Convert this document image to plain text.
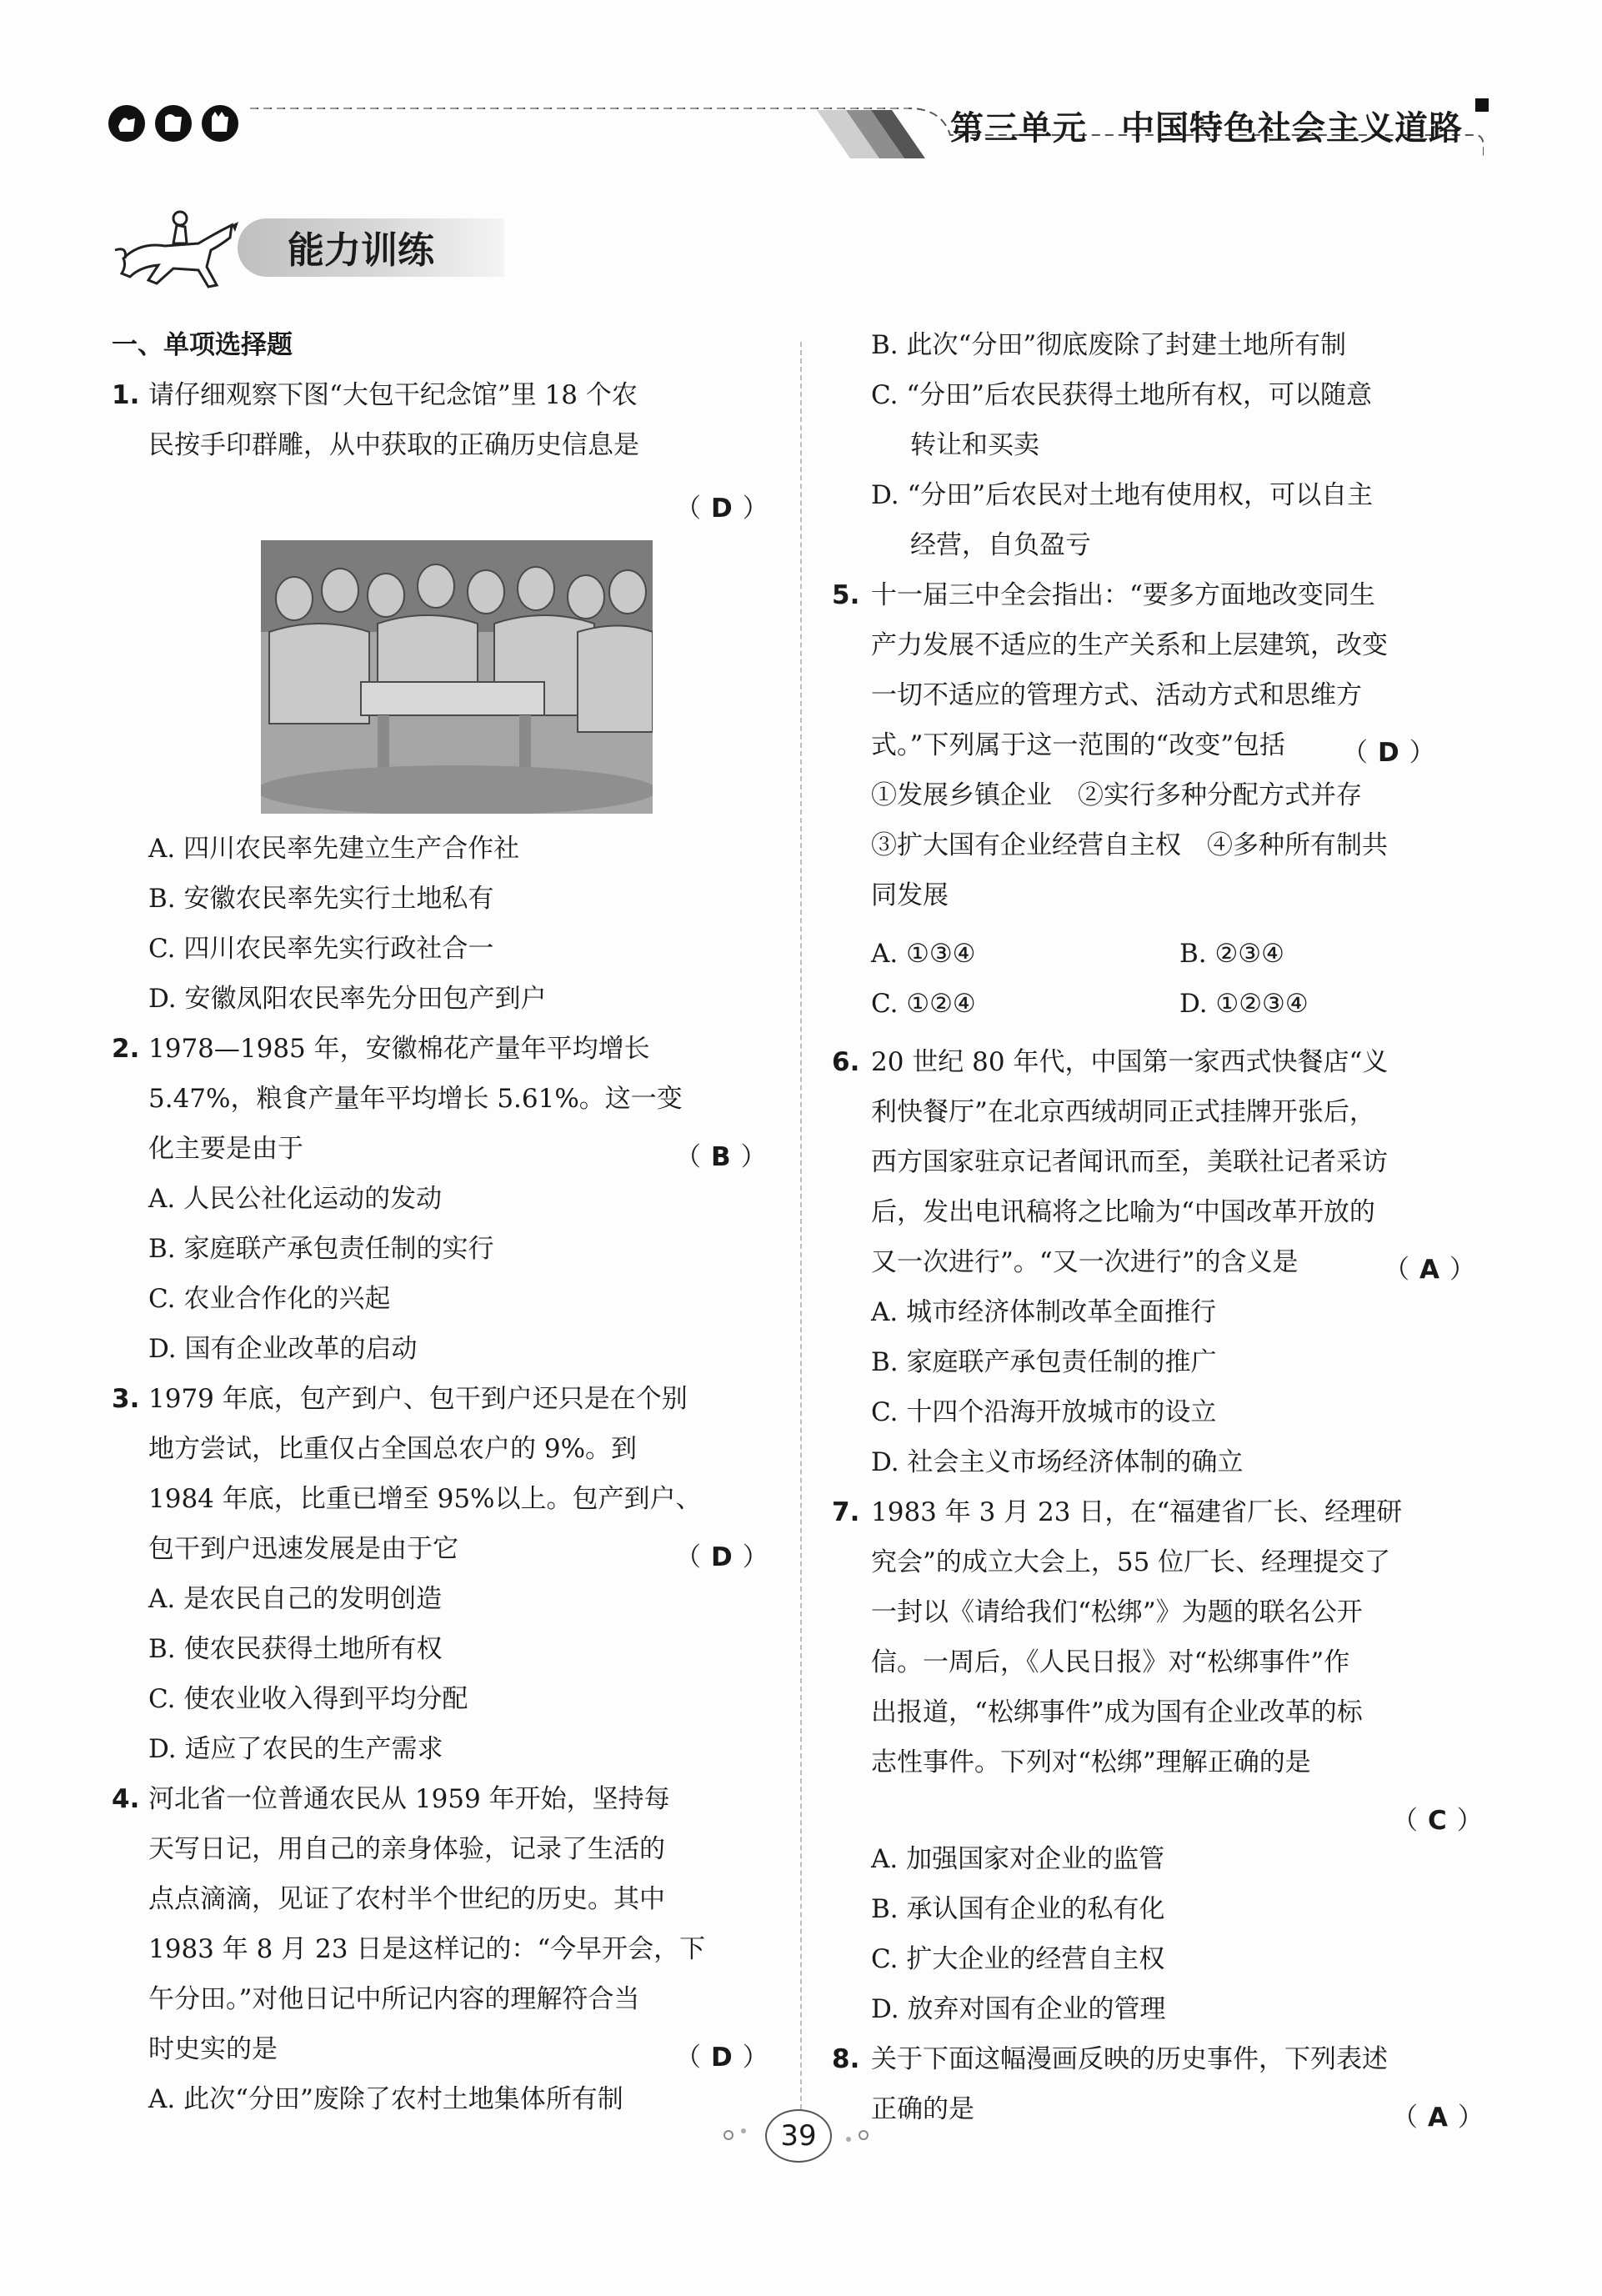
第三单元　中国特色社会主义道路
能力训练
一、单项选择题
1. 请仔细观察下图“大包干纪念馆”里 18 个农
民按手印群雕，从中获取的正确历史信息是
（ D ）
A. 四川农民率先建立生产合作社
B. 安徽农民率先实行土地私有
C. 四川农民率先实行政社合一
D. 安徽凤阳农民率先分田包产到户
2. 1978—1985 年，安徽棉花产量年平均增长
5.47%，粮食产量年平均增长 5.61%。这一变
化主要是由于	（ B ）
A. 人民公社化运动的发动
B. 家庭联产承包责任制的实行
C. 农业合作化的兴起
D. 国有企业改革的启动
3. 1979 年底，包产到户、包干到户还只是在个别
地方尝试，比重仅占全国总农户的 9%。到
1984 年底，比重已增至 95%以上。包产到户、
包干到户迅速发展是由于它	（ D ）
A. 是农民自己的发明创造
B. 使农民获得土地所有权
C. 使农业收入得到平均分配
D. 适应了农民的生产需求
4. 河北省一位普通农民从 1959 年开始，坚持每
天写日记，用自己的亲身体验，记录了生活的
点点滴滴，见证了农村半个世纪的历史。其中
1983 年 8 月 23 日是这样记的：“今早开会，下
午分田。”对他日记中所记内容的理解符合当
时史实的是	（ D ）
A. 此次“分田”废除了农村土地集体所有制
B. 此次“分田”彻底废除了封建土地所有制
C. “分田”后农民获得土地所有权，可以随意
转让和买卖
D. “分田”后农民对土地有使用权，可以自主
经营，自负盈亏
5. 十一届三中全会指出：“要多方面地改变同生
产力发展不适应的生产关系和上层建筑，改变
一切不适应的管理方式、活动方式和思维方
式。”下列属于这一范围的“改变”包括 （ D ）
①发展乡镇企业　②实行多种分配方式并存
③扩大国有企业经营自主权　④多种所有制共
同发展
A. ①③④	B. ②③④
C. ①②④	D. ①②③④
6. 20 世纪 80 年代，中国第一家西式快餐店“义
利快餐厅”在北京西绒胡同正式挂牌开张后，
西方国家驻京记者闻讯而至，美联社记者采访
后，发出电讯稿将之比喻为“中国改革开放的
又一次进行”。“又一次进行”的含义是	（ A ）
A. 城市经济体制改革全面推行
B. 家庭联产承包责任制的推广
C. 十四个沿海开放城市的设立
D. 社会主义市场经济体制的确立
7. 1983 年 3 月 23 日，在“福建省厂长、经理研
究会”的成立大会上，55 位厂长、经理提交了
一封以《请给我们“松绑”》为题的联名公开
信。一周后，《人民日报》对“松绑事件”作
出报道，“松绑事件”成为国有企业改革的标
志性事件。下列对“松绑”理解正确的是
（ C ）
A. 加强国家对企业的监管
B. 承认国有企业的私有化
C. 扩大企业的经营自主权
D. 放弃对国有企业的管理
8. 关于下面这幅漫画反映的历史事件，下列表述
正确的是	（ A ）
39
